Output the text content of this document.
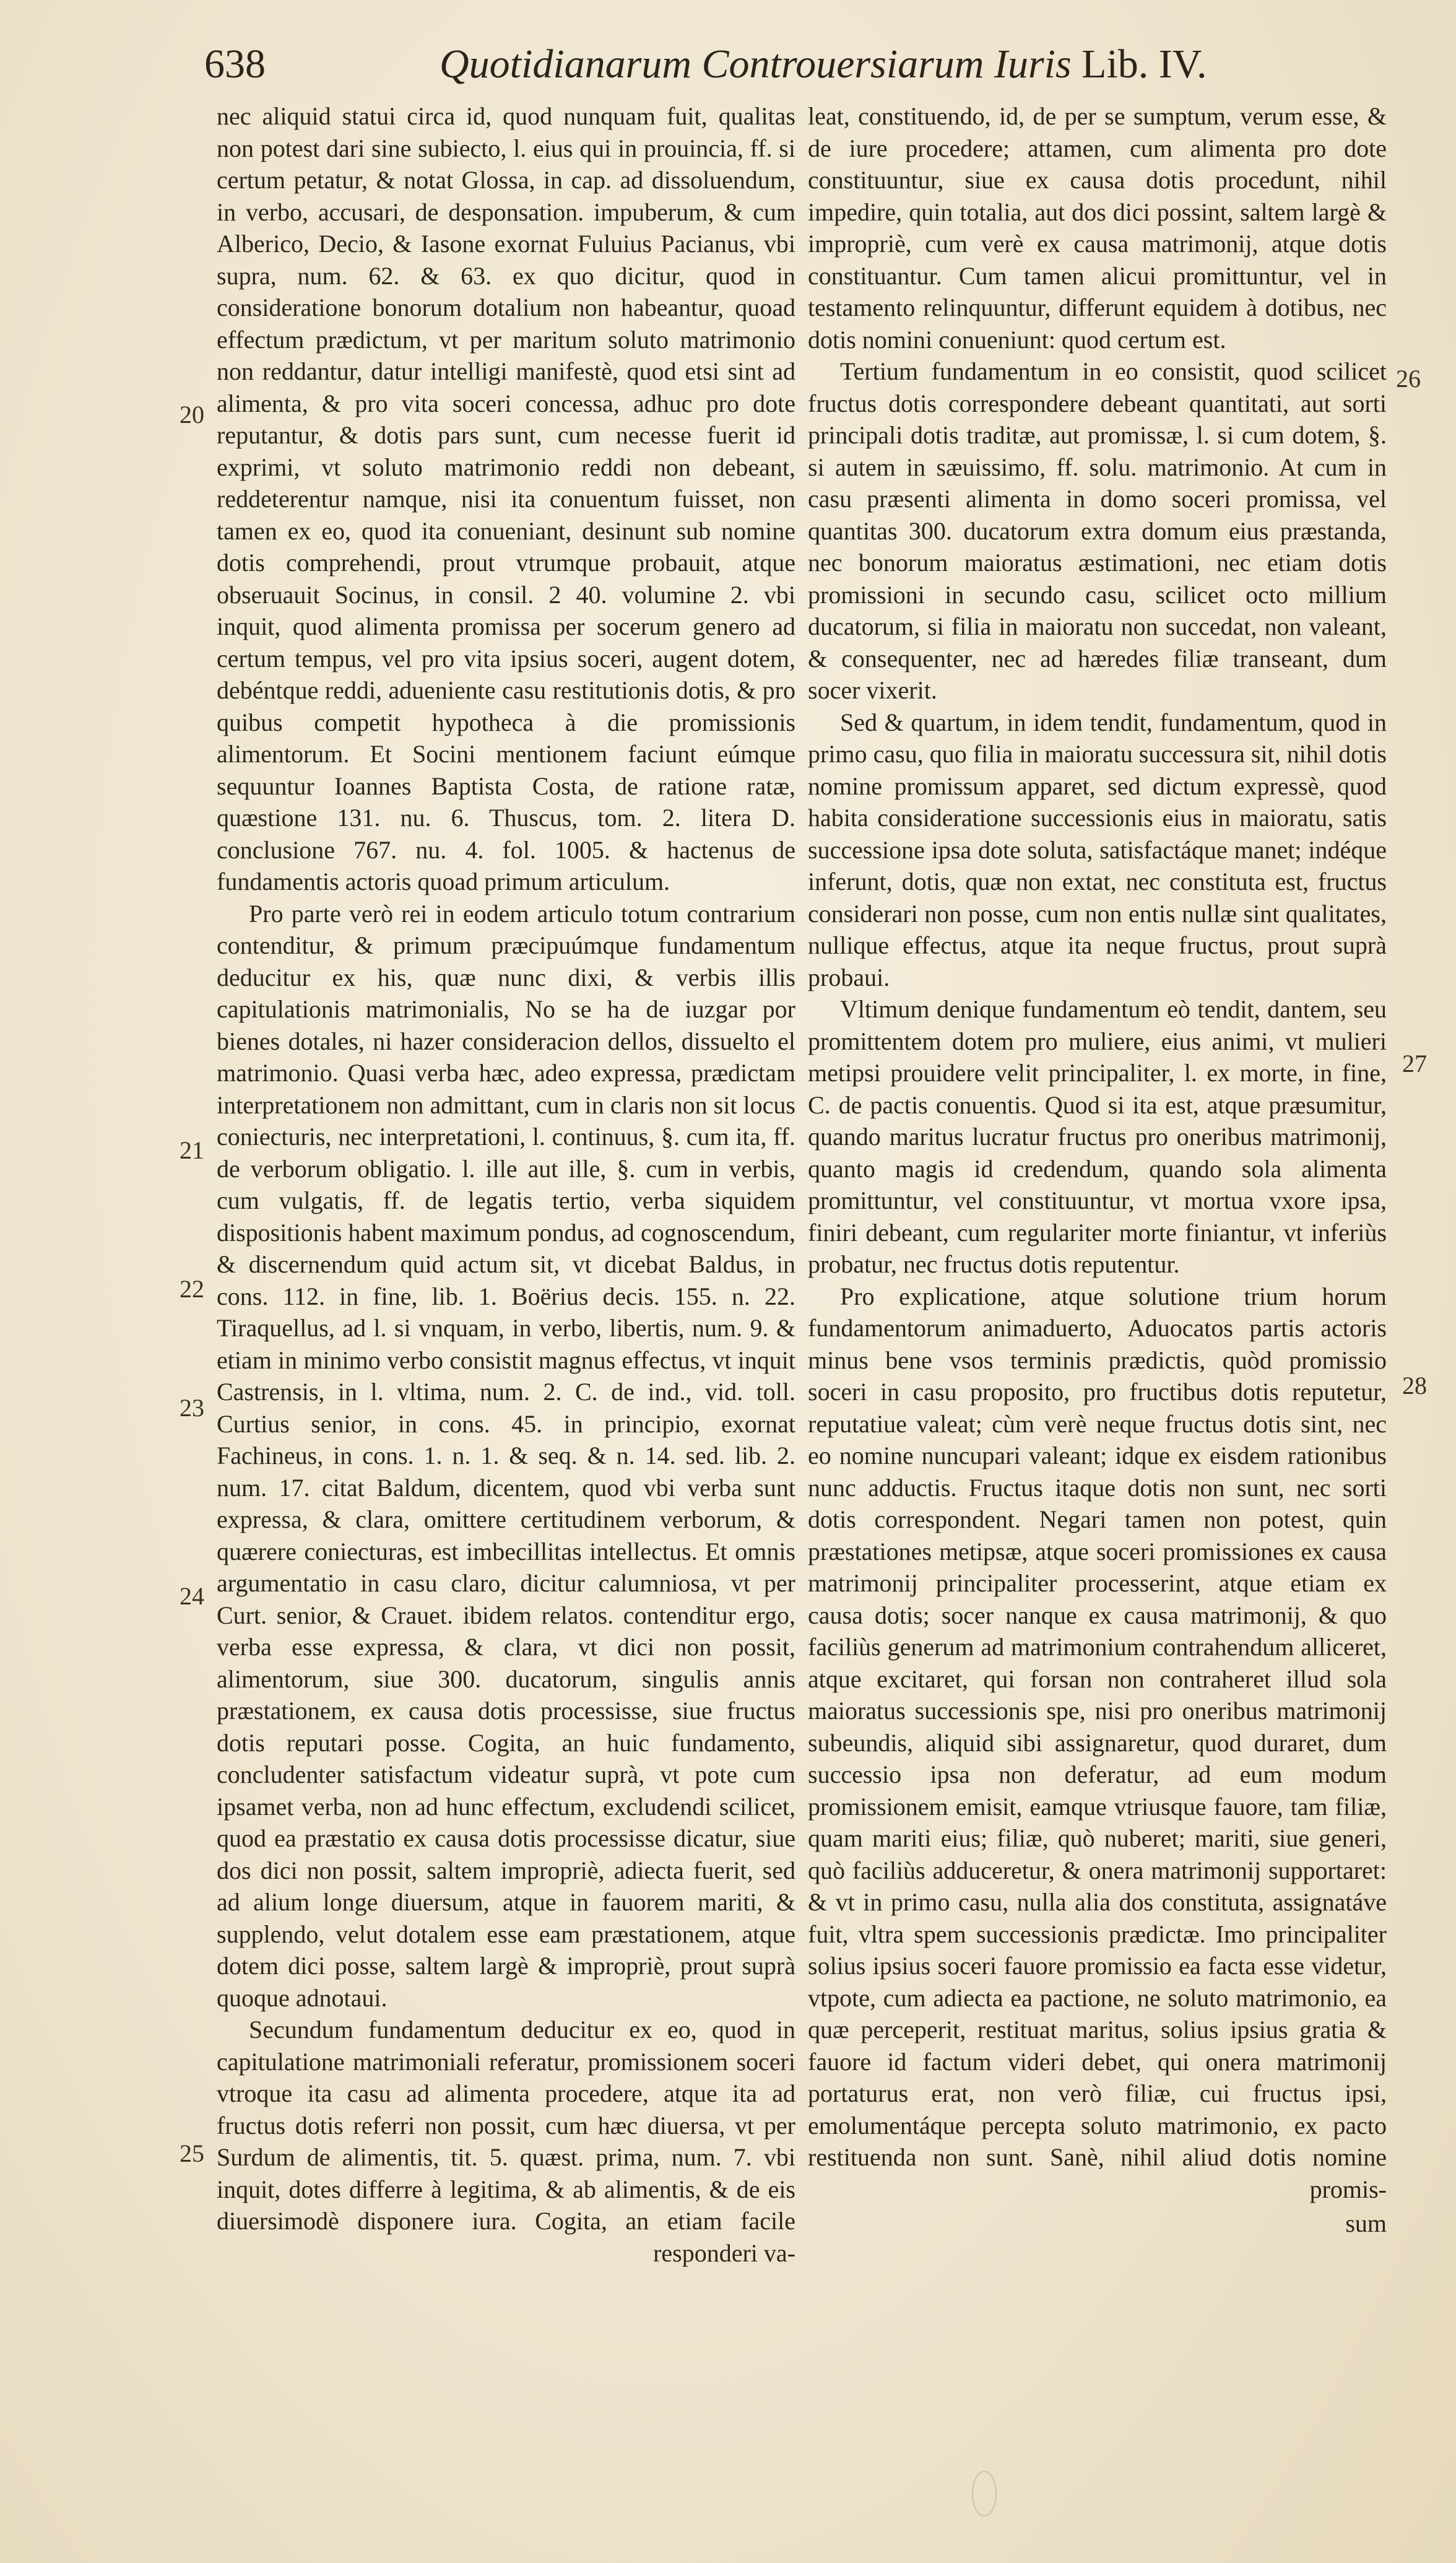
638	Quotidianarum Controuersiarum Iuris Lib. IV.

nec aliquid statui circa id, quod nunquam fuit, qualitas non potest dari sine subiecto, l. eius qui in prouincia, ff. si certum petatur, & notat Glossa, in cap. ad dissoluendum, in verbo, accusari, de desponsation. impuberum, & cum Alberico, Decio, & Iasone exornat Fuluius Pacianus, vbi supra, num. 62. & 63. ex quo dicitur, quod in consideratione bonorum dotalium non habeantur, quoad effectum prædictum, vt per maritum soluto matrimonio non reddantur, datur intelligi manifestè, quod etsi sint ad alimenta, & pro vita soceri concessa, adhuc pro dote reputantur, & dotis pars sunt, cum necesse fuerit id exprimi, vt soluto matrimonio reddi non debeant, reddeterentur namque, nisi ita conuentum fuisset, non tamen ex eo, quod ita conueniant, desinunt sub nomine dotis comprehendi, prout vtrumque probauit, atque obseruauit Socinus, in consil. 2 40. volumine 2. vbi inquit, quod alimenta promissa per socerum genero ad certum tempus, vel pro vita ipsius soceri, augent dotem, debéntque reddi, adueniente casu restitutionis dotis, & pro quibus competit hypotheca à die promissionis alimentorum. Et Socini mentionem faciunt eúmque sequuntur Ioannes Baptista Costa, de ratione ratæ, quæstione 131. nu. 6. Thuscus, tom. 2. litera D. conclusione 767. nu. 4. fol. 1005. & hactenus de fundamentis actoris quoad primum articulum.

Pro parte verò rei in eodem articulo totum contrarium contenditur, & primum præcipuúmque fundamentum deducitur ex his, quæ nunc dixi, & verbis illis capitulationis matrimonialis, No se ha de iuzgar por bienes dotales, ni hazer consideracion dellos, dissuelto el matrimonio. Quasi verba hæc, adeo expressa, prædictam interpretationem non admittant, cum in claris non sit locus coniecturis, nec interpretationi, l. continuus, §. cum ita, ff. de verborum obligatio. l. ille aut ille, §. cum in verbis, cum vulgatis, ff. de legatis tertio, verba siquidem dispositionis habent maximum pondus, ad cognoscendum, & discernendum quid actum sit, vt dicebat Baldus, in cons. 112. in fine, lib. 1. Boërius decis. 155. n. 22. Tiraquellus, ad l. si vnquam, in verbo, libertis, num. 9. & etiam in minimo verbo consistit magnus effectus, vt inquit Castrensis, in l. vltima, num. 2. C. de ind., vid. toll. Curtius senior, in cons. 45. in principio, exornat Fachineus, in cons. 1. n. 1. & seq. & n. 14. sed. lib. 2. num. 17. citat Baldum, dicentem, quod vbi verba sunt expressa, & clara, omittere certitudinem verborum, & quærere coniecturas, est imbecillitas intellectus. Et omnis argumentatio in casu claro, dicitur calumniosa, vt per Curt. senior, & Crauet. ibidem relatos. contenditur ergo, verba esse expressa, & clara, vt dici non possit, alimentorum, siue 300. ducatorum, singulis annis præstationem, ex causa dotis processisse, siue fructus dotis reputari posse. Cogita, an huic fundamento, concludenter satisfactum videatur suprà, vt pote cum ipsamet verba, non ad hunc effectum, excludendi scilicet, quod ea præstatio ex causa dotis processisse dicatur, siue dos dici non possit, saltem impropriè, adiecta fuerit, sed ad alium longe diuersum, atque in fauorem mariti, & supplendo, velut dotalem esse eam præstationem, atque dotem dici posse, saltem largè & impropriè, prout suprà quoque adnotaui.

Secundum fundamentum deducitur ex eo, quod in capitulatione matrimoniali referatur, promissionem soceri vtroque ita casu ad alimenta procedere, atque ita ad fructus dotis referri non possit, cum hæc diuersa, vt per Surdum de alimentis, tit. 5. quæst. prima, num. 7. vbi inquit, dotes differre à legitima, & ab alimentis, & de eis diuersimodè disponere iura. Cogita, an etiam facile responderi va-

leat, constituendo, id, de per se sumptum, verum esse, & de iure procedere; attamen, cum alimenta pro dote constituuntur, siue ex causa dotis procedunt, nihil impedire, quin totalia, aut dos dici possint, saltem largè & impropriè, cum verè ex causa matrimonij, atque dotis constituantur. Cum tamen alicui promittuntur, vel in testamento relinquuntur, differunt equidem à dotibus, nec dotis nomini conueniunt: quod certum est.

Tertium fundamentum in eo consistit, quod scilicet fructus dotis correspondere debeant quantitati, aut sorti principali dotis traditæ, aut promissæ, l. si cum dotem, §. si autem in sæuissimo, ff. solu. matrimonio. At cum in casu præsenti alimenta in domo soceri promissa, vel quantitas 300. ducatorum extra domum eius præstanda, nec bonorum maioratus æstimationi, nec etiam dotis promissioni in secundo casu, scilicet octo millium ducatorum, si filia in maioratu non succedat, non valeant, & consequenter, nec ad hæredes filiæ transeant, dum socer vixerit.

Sed & quartum, in idem tendit, fundamentum, quod in primo casu, quo filia in maioratu successura sit, nihil dotis nomine promissum apparet, sed dictum expressè, quod habita consideratione successionis eius in maioratu, satis successione ipsa dote soluta, satisfactáque manet; indéque inferunt, dotis, quæ non extat, nec constituta est, fructus considerari non posse, cum non entis nullæ sint qualitates, nullique effectus, atque ita neque fructus, prout suprà probaui.

Vltimum denique fundamentum eò tendit, dantem, seu promittentem dotem pro muliere, eius animi, vt mulieri metipsi prouidere velit principaliter, l. ex morte, in fine, C. de pactis conuentis. Quod si ita est, atque præsumitur, quando maritus lucratur fructus pro oneribus matrimonij, quanto magis id credendum, quando sola alimenta promittuntur, vel constituuntur, vt mortua vxore ipsa, finiri debeant, cum regulariter morte finiantur, vt inferiùs probatur, nec fructus dotis reputentur.

Pro explicatione, atque solutione trium horum fundamentorum animaduerto, Aduocatos partis actoris minus bene vsos terminis prædictis, quòd promissio soceri in casu proposito, pro fructibus dotis reputetur, reputatiue valeat; cùm verè neque fructus dotis sint, nec eo nomine nuncupari valeant; idque ex eisdem rationibus nunc adductis. Fructus itaque dotis non sunt, nec sorti dotis correspondent. Negari tamen non potest, quin præstationes metipsæ, atque soceri promissiones ex causa matrimonij principaliter processerint, atque etiam ex causa dotis; socer nanque ex causa matrimonij, & quo faciliùs generum ad matrimonium contrahendum alliceret, atque excitaret, qui forsan non contraheret illud sola maioratus successionis spe, nisi pro oneribus matrimonij subeundis, aliquid sibi assignaretur, quod duraret, dum successio ipsa non deferatur, ad eum modum promissionem emisit, eamque vtriusque fauore, tam filiæ, quam mariti eius; filiæ, quò nuberet; mariti, siue generi, quò faciliùs adduceretur, & onera matrimonij supportaret: & vt in primo casu, nulla alia dos constituta, assignatáve fuit, vltra spem successionis prædictæ. Imo principaliter solius ipsius soceri fauore promissio ea facta esse videtur, vtpote, cum adiecta ea pactione, ne soluto matrimonio, ea quæ perceperit, restituat maritus, solius ipsius gratia & fauore id factum videri debet, qui onera matrimonij portaturus erat, non verò filiæ, cui fructus ipsi, emolumentáque percepta soluto matrimonio, ex pacto restituenda non sunt. Sanè, nihil aliud dotis nomine promis-

sum
20
21
22
23
24
25
26
27
28
